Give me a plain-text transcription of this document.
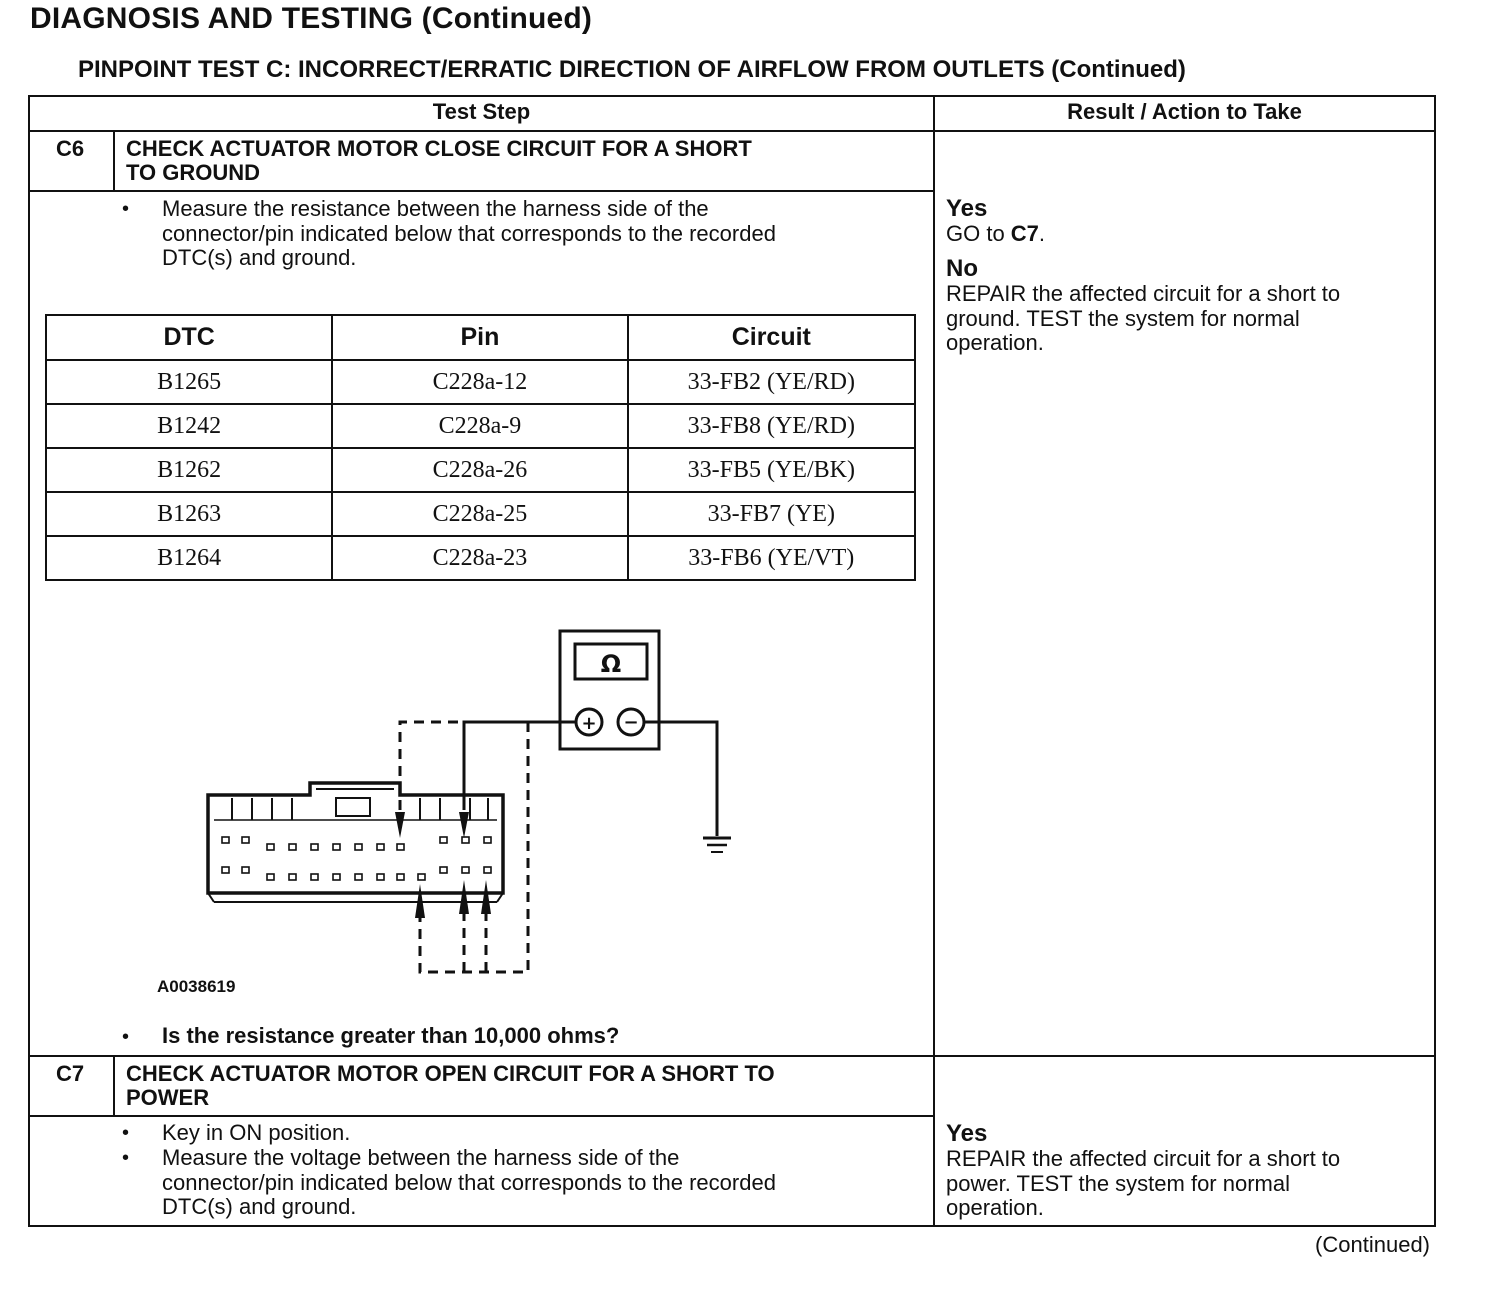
DIAGNOSIS AND TESTING (Continued)
PINPOINT TEST C: INCORRECT/ERRATIC DIRECTION OF AIRFLOW FROM OUTLETS (Continued)
Test Step	Result / Action to Take
C6 CHECK ACTUATOR MOTOR CLOSE CIRCUIT FOR A SHORT
TO GROUND
• Measure the resistance between the harness side of the
connector/pin indicated below that corresponds to the recorded
DTC(s) and ground.
DTC	Pin	Circuit
B1265	C228a-12	33-FB2 (YE/RD)
B1242	C228a-9	33-FB8 (YE/RD)
B1262	C228a-26	33-FB5 (YE/BK)
B1263	C228a-25	33-FB7 (YE)
B1264	C228a-23	33-FB6 (YE/VT)
Ω
+ −
A0038619
• Is the resistance greater than 10,000 ohms?
Yes
GO to C7.
No
REPAIR the affected circuit for a short to
ground. TEST the system for normal
operation.
C7 CHECK ACTUATOR MOTOR OPEN CIRCUIT FOR A SHORT TO
POWER
• Key in ON position.
• Measure the voltage between the harness side of the
connector/pin indicated below that corresponds to the recorded
DTC(s) and ground.
Yes
REPAIR the affected circuit for a short to
power. TEST the system for normal
operation.
(Continued)
